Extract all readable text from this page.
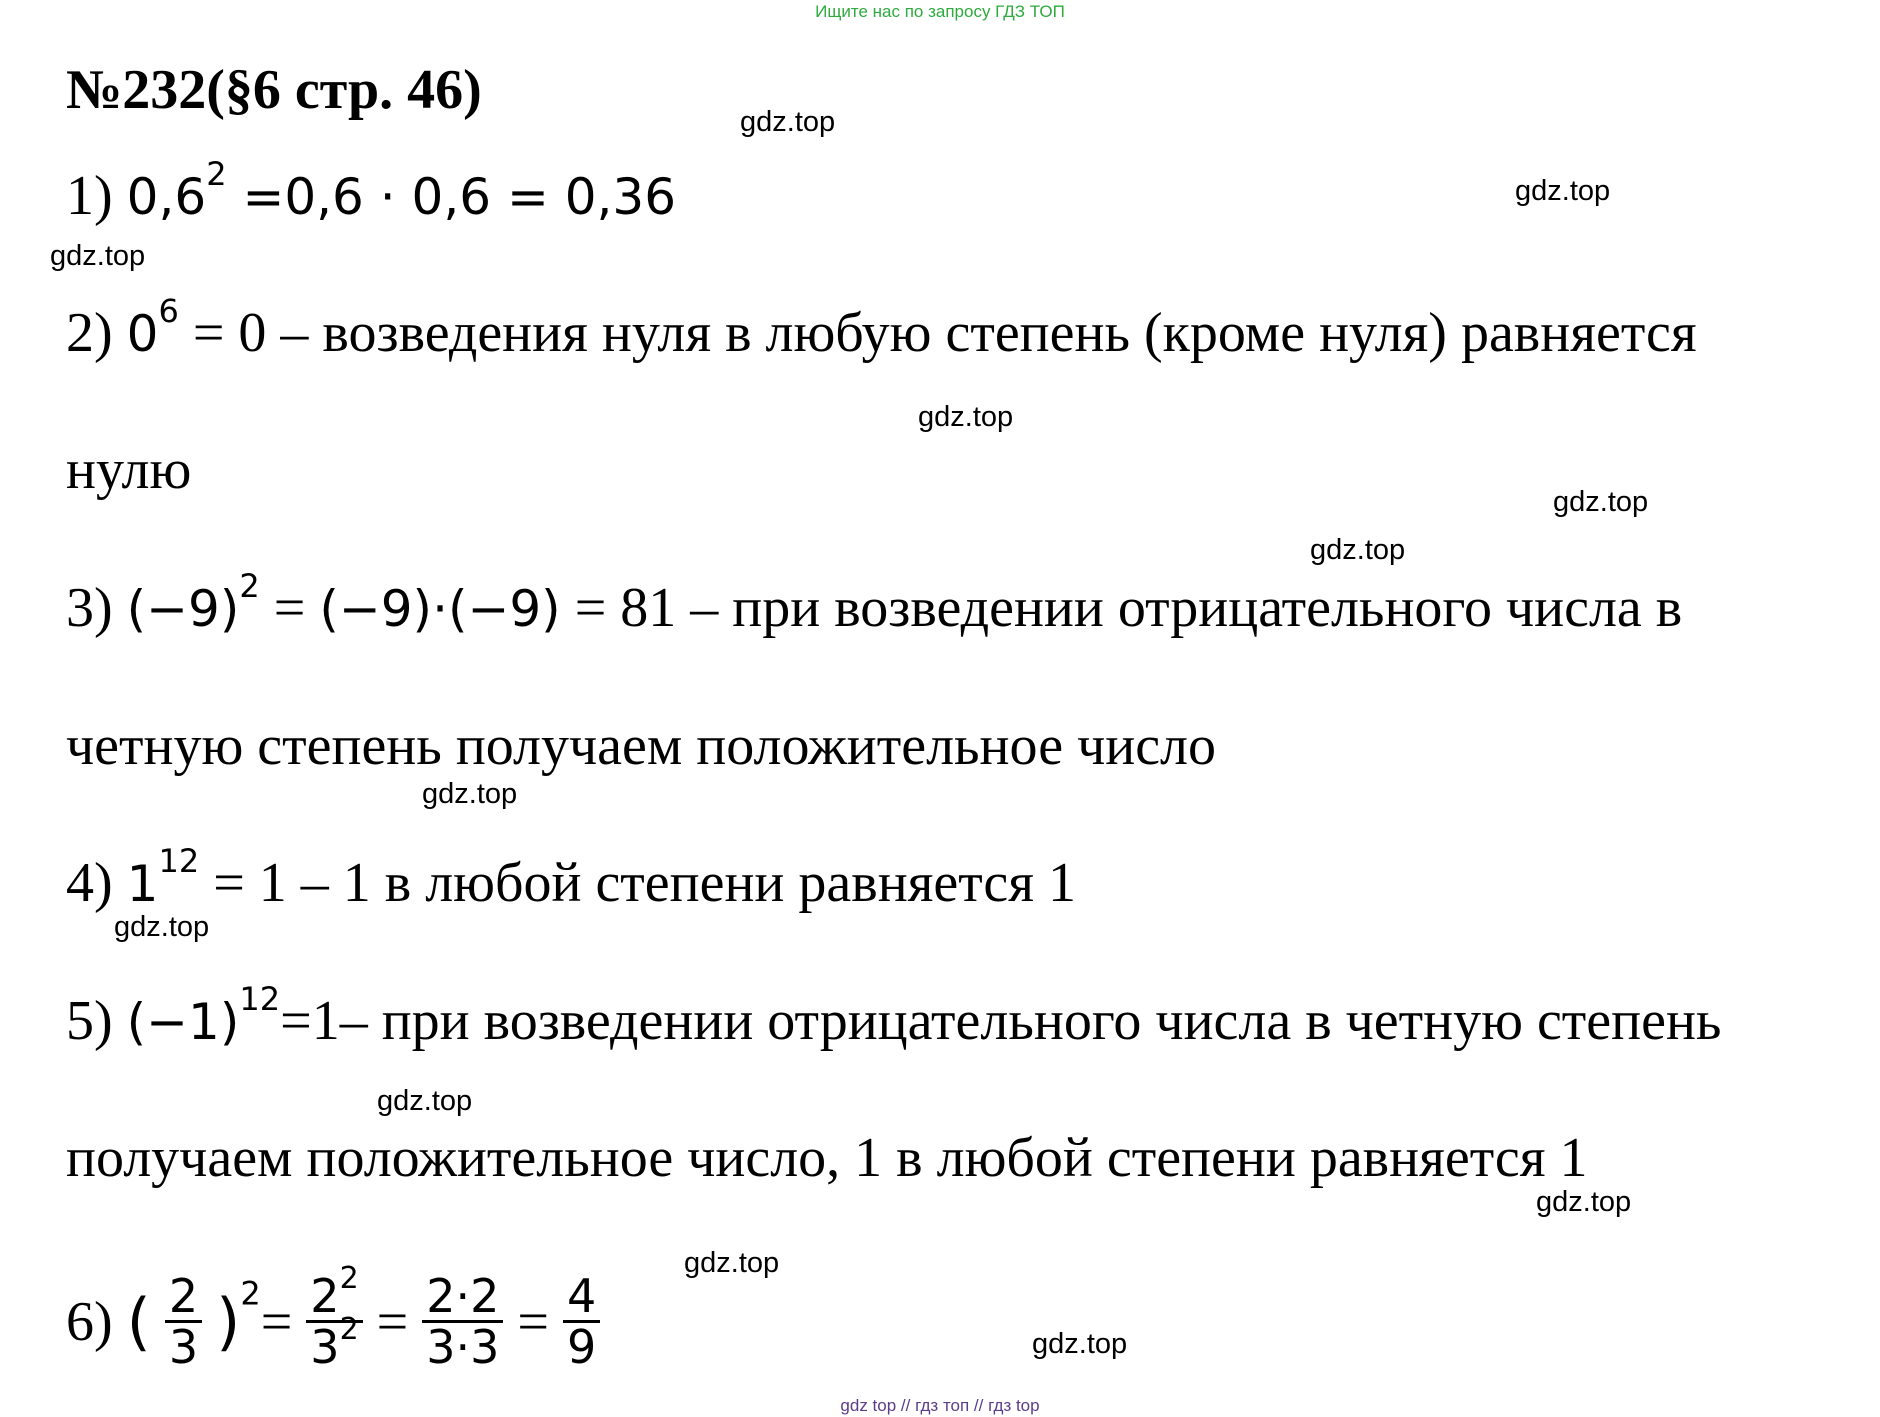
Ищите нас по запросу ГДЗ ТОП
№232(§6 стр. 46)
1) $0,6^2 =0,6 \cdot 0,6 = 0,36$
2) $0^6 = 0$ – возведения нуля в любую степень (кроме нуля) равняется
нулю
3) $(-9)^2 = (-9)\cdot(-9) = 81$ – при возведении отрицательного числа в
четную степень получаем положительное число
4) $1^{12} = 1 - 1$ в любой степени равняется 1
5) $(-1)^{12}=1-$ при возведении отрицательного числа в четную степень
получаем положительное число, 1 в любой степени равняется 1
6) ( $\frac{2}{3} )^2= \frac{2^2}{3^2} = \frac{2\cdot 2}{3\cdot 3} = \frac{4}{9}$
gdz.top
gdz.top
gdz.top
gdz.top
gdz.top
gdz.top
gdz.top
gdz.top
gdz.top
gdz.top
gdz.top
gdz.top
gdz top // гдз топ // гдз top
